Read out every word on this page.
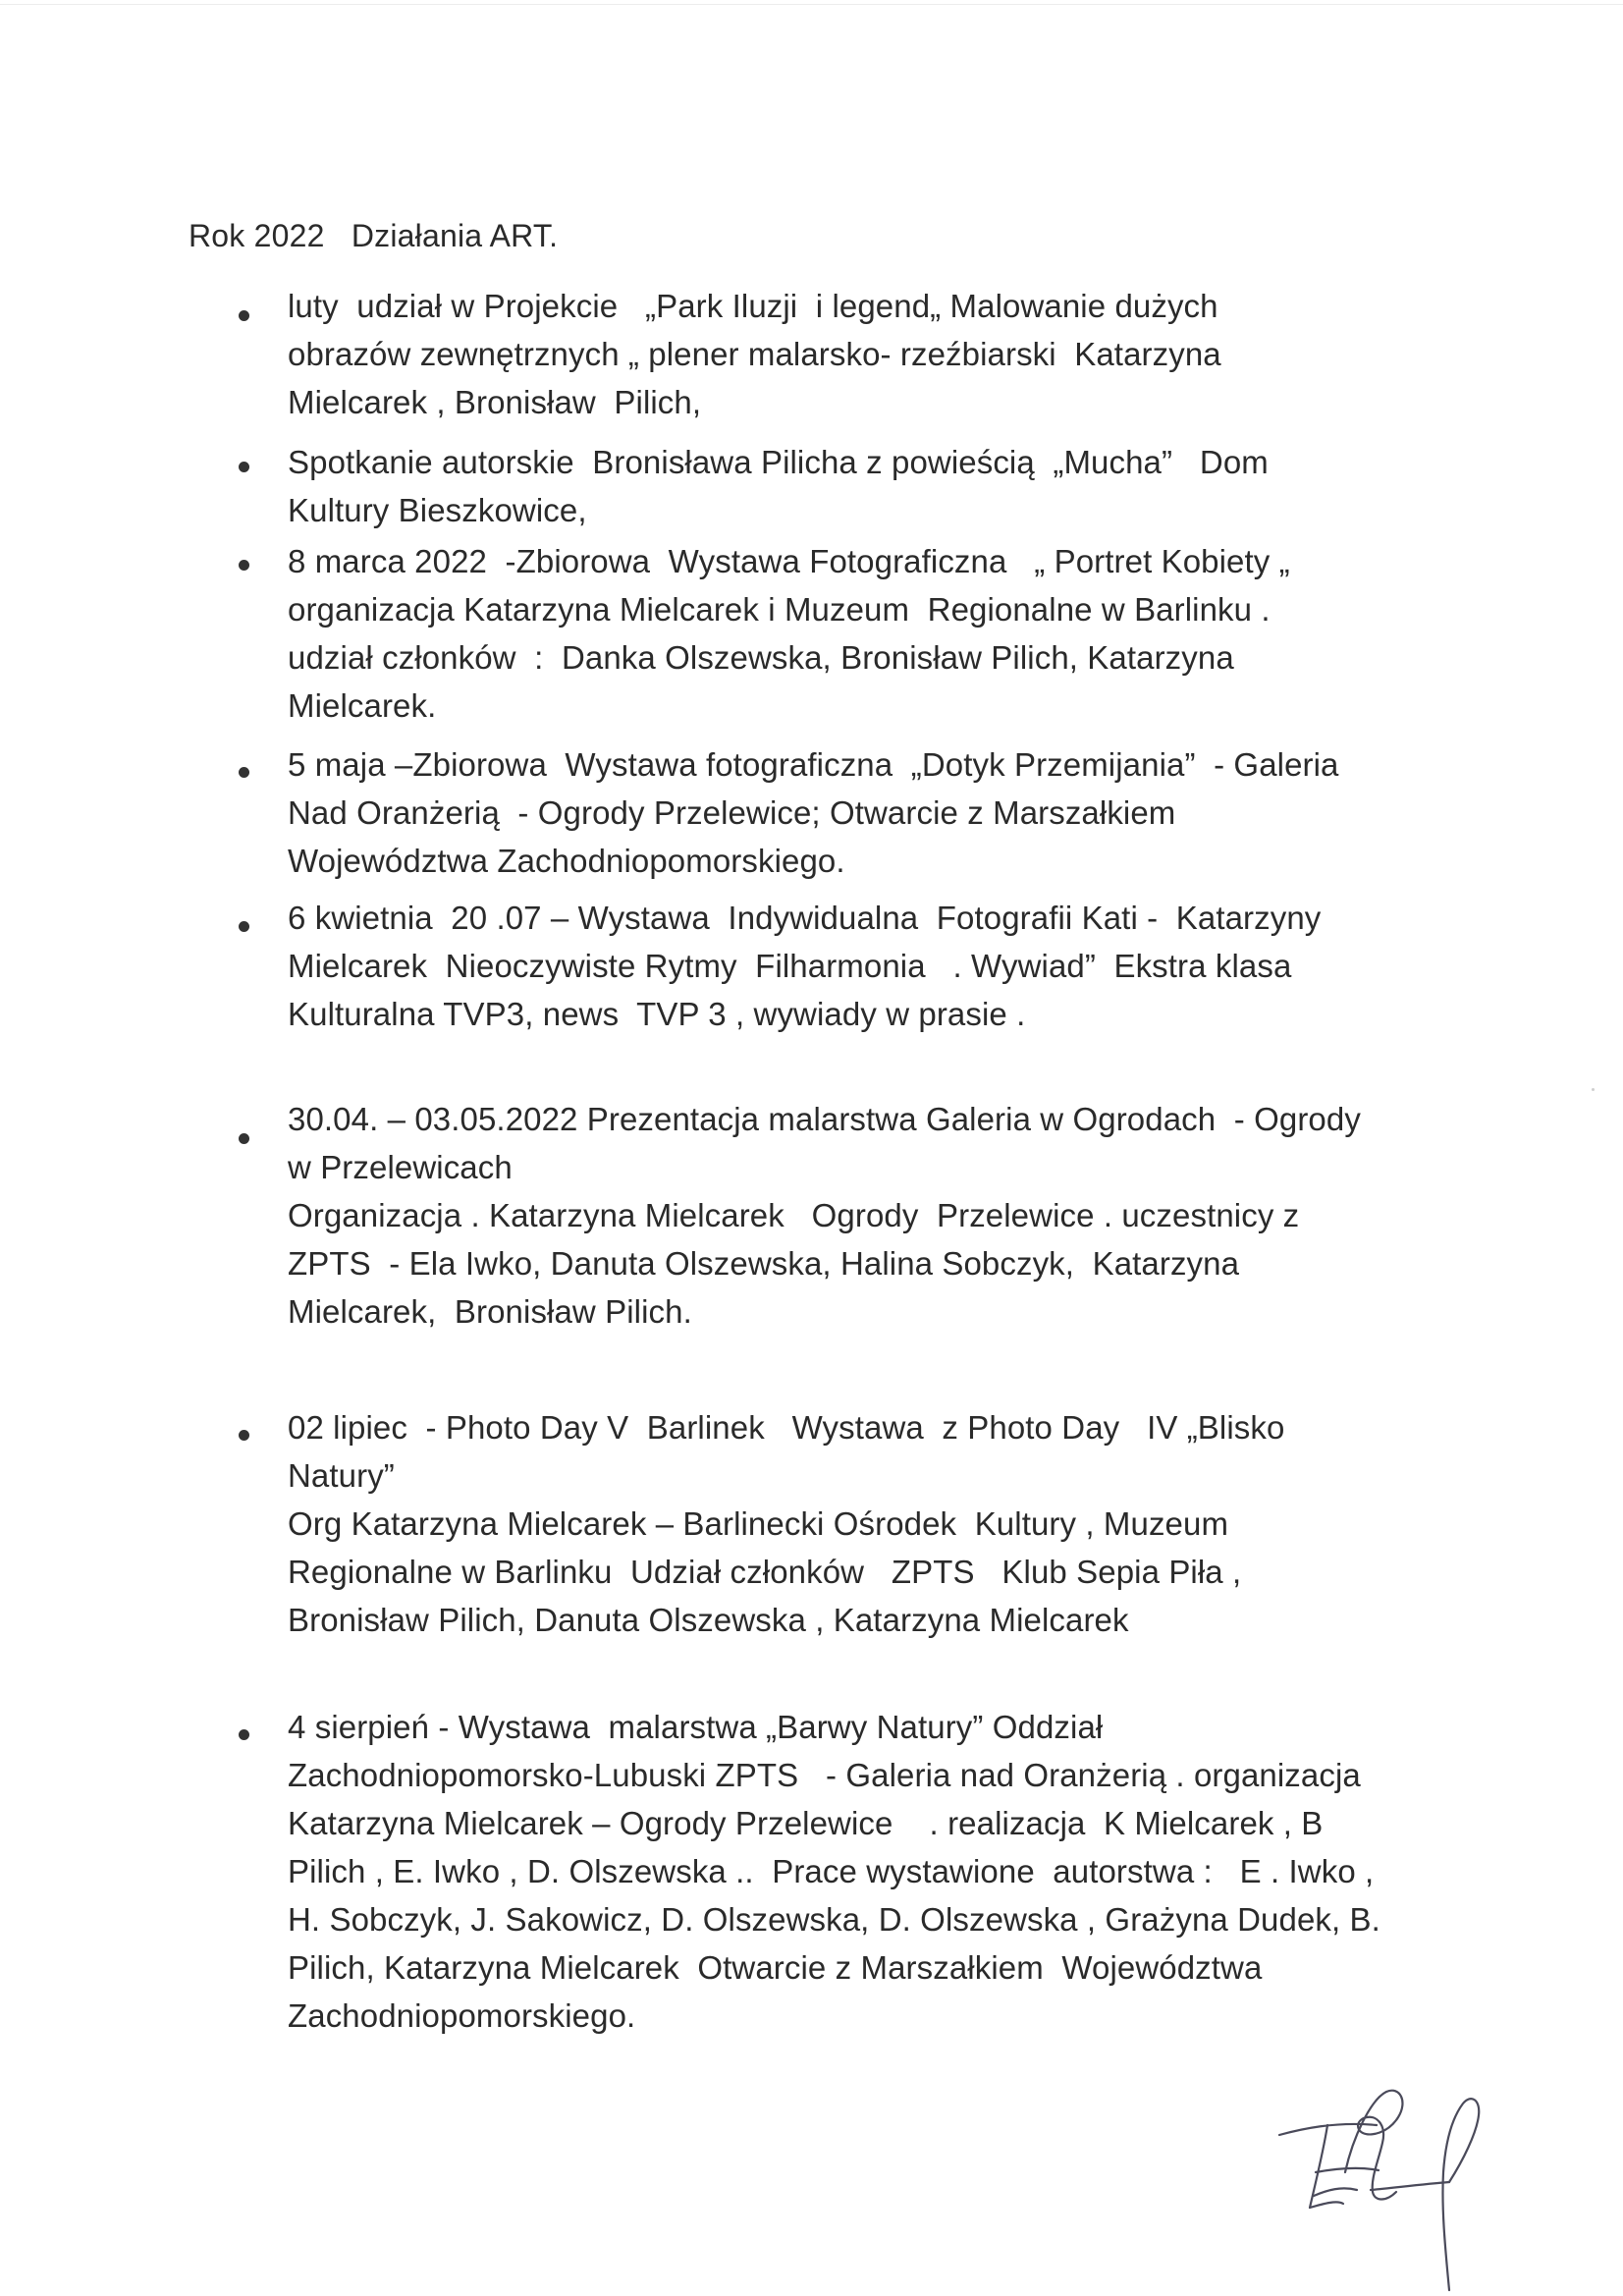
Rok 2022   Działania ART.
luty  udział w Projekcie   „Park Iluzji  i legend„ Malowanie dużych
obrazów zewnętrznych „ plener malarsko- rzeźbiarski  Katarzyna
Mielcarek , Bronisław  Pilich,
Spotkanie autorskie  Bronisława Pilicha z powieścią  „Mucha”   Dom
Kultury Bieszkowice,
8 marca 2022  -Zbiorowa  Wystawa Fotograficzna   „ Portret Kobiety „
organizacja Katarzyna Mielcarek i Muzeum  Regionalne w Barlinku .
udział członków  :  Danka Olszewska, Bronisław Pilich, Katarzyna
Mielcarek.
5 maja –Zbiorowa  Wystawa fotograficzna  „Dotyk Przemijania”  - Galeria
Nad Oranżerią  - Ogrody Przelewice; Otwarcie z Marszałkiem
Województwa Zachodniopomorskiego.
6 kwietnia  20 .07 – Wystawa  Indywidualna  Fotografii Kati -  Katarzyny
Mielcarek  Nieoczywiste Rytmy  Filharmonia   . Wywiad”  Ekstra klasa
Kulturalna TVP3, news  TVP 3 , wywiady w prasie .
30.04. – 03.05.2022 Prezentacja malarstwa Galeria w Ogrodach  - Ogrody
w Przelewicach
Organizacja . Katarzyna Mielcarek   Ogrody  Przelewice . uczestnicy z
ZPTS  - Ela Iwko, Danuta Olszewska, Halina Sobczyk,  Katarzyna
Mielcarek,  Bronisław Pilich.
02 lipiec  - Photo Day V  Barlinek   Wystawa  z Photo Day   IV „Blisko
Natury”
Org Katarzyna Mielcarek – Barlinecki Ośrodek  Kultury , Muzeum
Regionalne w Barlinku  Udział członków   ZPTS   Klub Sepia Piła ,
Bronisław Pilich, Danuta Olszewska , Katarzyna Mielcarek
4 sierpień - Wystawa  malarstwa „Barwy Natury” Oddział
Zachodniopomorsko-Lubuski ZPTS   - Galeria nad Oranżerią . organizacja
Katarzyna Mielcarek – Ogrody Przelewice    . realizacja  K Mielcarek , B
Pilich , E. Iwko , D. Olszewska ..  Prace wystawione  autorstwa :   E . Iwko ,
H. Sobczyk, J. Sakowicz, D. Olszewska, D. Olszewska , Grażyna Dudek, B.
Pilich, Katarzyna Mielcarek  Otwarcie z Marszałkiem  Województwa
Zachodniopomorskiego.
